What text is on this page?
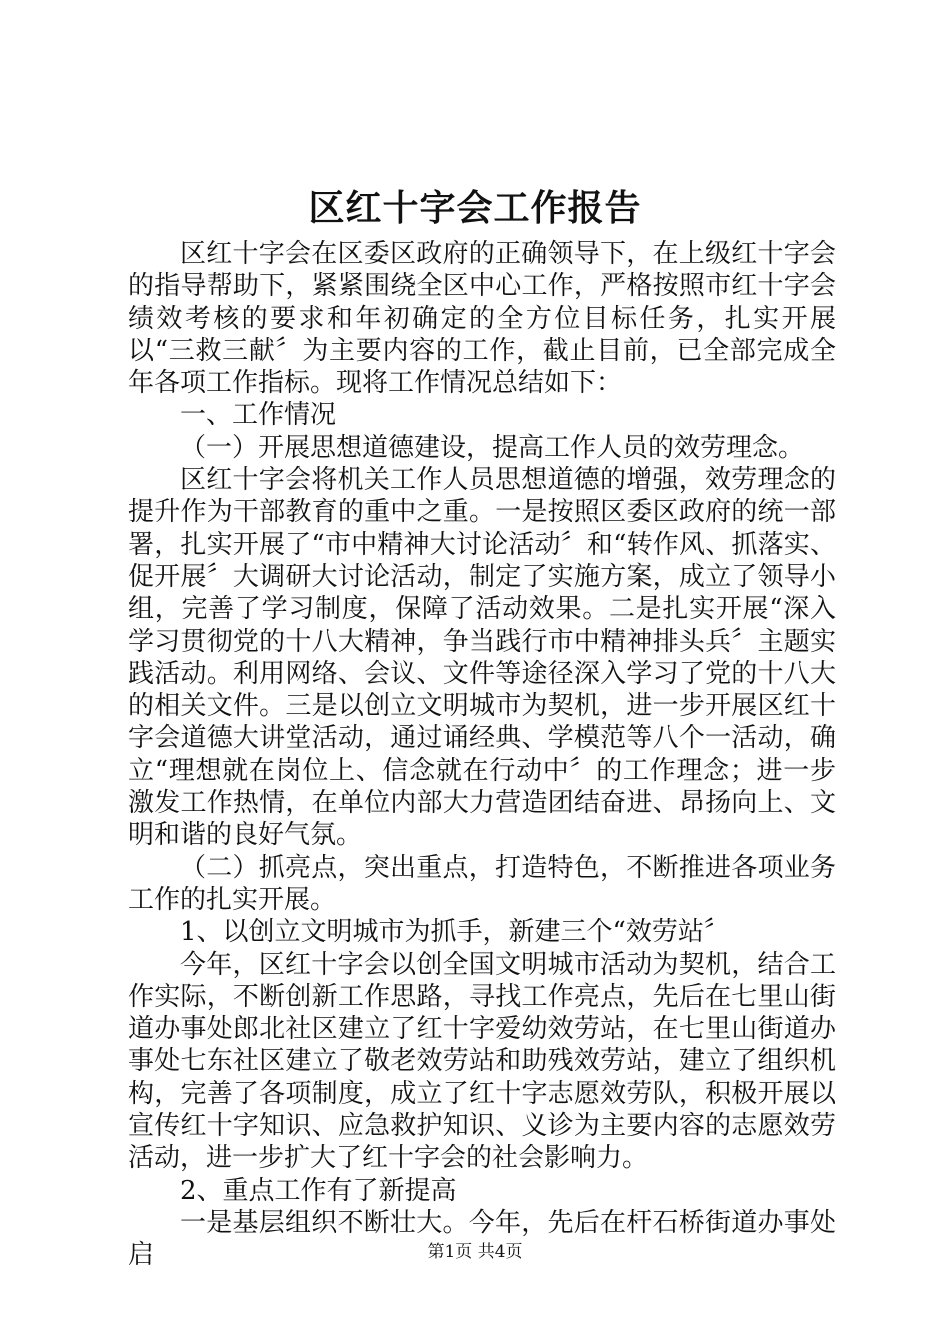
区红十字会工作报告

区红十字会在区委区政府的正确领导下，在上级红十字会的指导帮助下，紧紧围绕全区中心工作，严格按照市红十字会绩效考核的要求和年初确定的全方位目标任务，扎实开展以“三救三献〞为主要内容的工作，截止目前，已全部完成全年各项工作指标。现将工作情况总结如下：

一、工作情况

（一）开展思想道德建设，提高工作人员的效劳理念。

区红十字会将机关工作人员思想道德的增强，效劳理念的提升作为干部教育的重中之重。一是按照区委区政府的统一部署，扎实开展了“市中精神大讨论活动〞和“转作风、抓落实、促开展〞大调研大讨论活动，制定了实施方案，成立了领导小组，完善了学习制度，保障了活动效果。二是扎实开展“深入学习贯彻党的十八大精神，争当践行市中精神排头兵〞主题实践活动。利用网络、会议、文件等途径深入学习了党的十八大的相关文件。三是以创立文明城市为契机，进一步开展区红十字会道德大讲堂活动，通过诵经典、学模范等八个一活动，确立“理想就在岗位上、信念就在行动中〞的工作理念；进一步激发工作热情，在单位内部大力营造团结奋进、昂扬向上、文明和谐的良好气氛。

（二）抓亮点，突出重点，打造特色，不断推进各项业务工作的扎实开展。

1、以创立文明城市为抓手，新建三个“效劳站〞

今年，区红十字会以创全国文明城市活动为契机，结合工作实际，不断创新工作思路，寻找工作亮点，先后在七里山街道办事处郎北社区建立了红十字爱幼效劳站，在七里山街道办事处七东社区建立了敬老效劳站和助残效劳站，建立了组织机构，完善了各项制度，成立了红十字志愿效劳队，积极开展以宣传红十字知识、应急救护知识、义诊为主要内容的志愿效劳活动，进一步扩大了红十字会的社会影响力。

2、重点工作有了新提高

一是基层组织不断壮大。今年，先后在杆石桥街道办事处启	第1页 共4页
